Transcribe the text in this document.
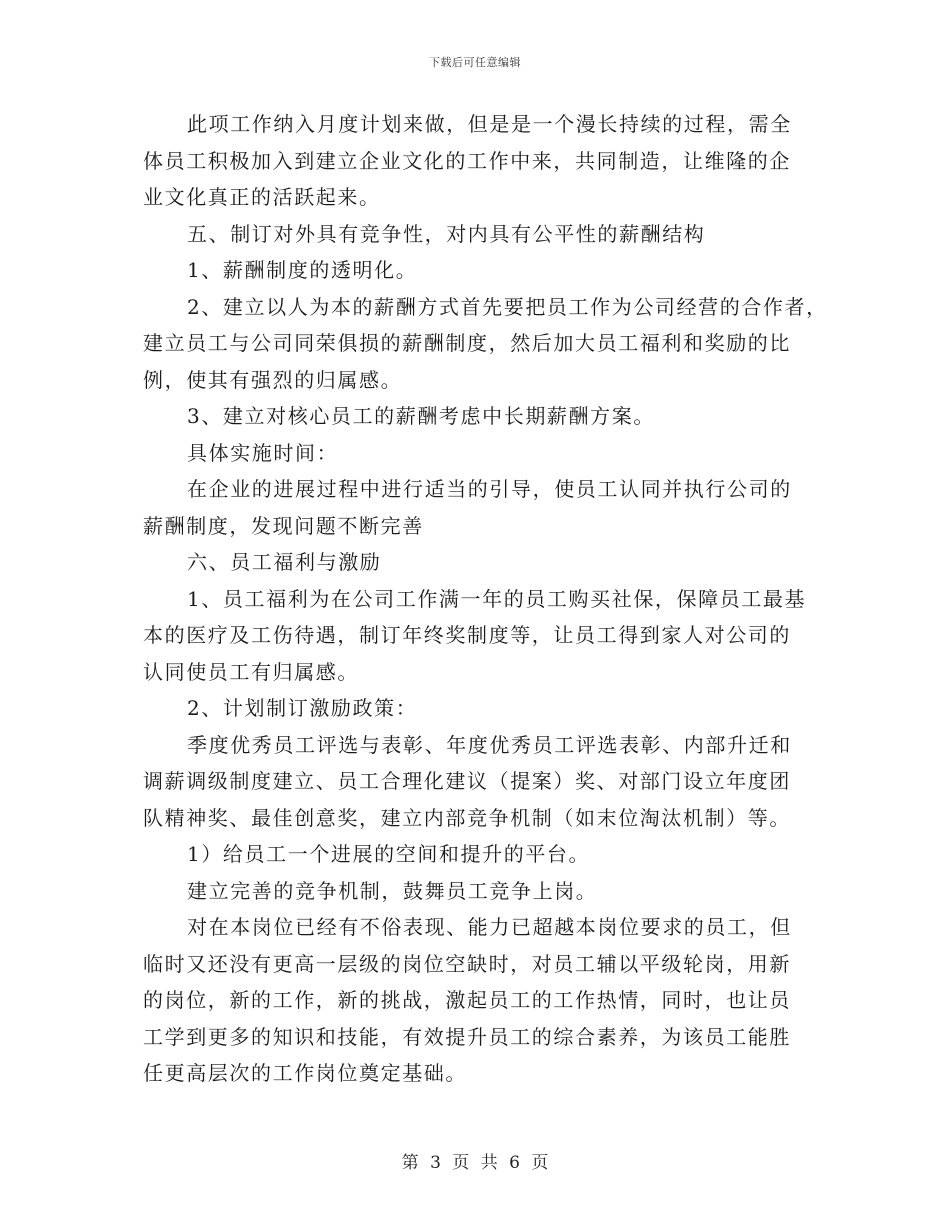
下载后可任意编辑
此项工作纳入月度计划来做，但是是一个漫长持续的过程，需全
体员工积极加入到建立企业文化的工作中来，共同制造，让维隆的企
业文化真正的活跃起来。
五、制订对外具有竞争性，对内具有公平性的薪酬结构
1、薪酬制度的透明化。
2、建立以人为本的薪酬方式首先要把员工作为公司经营的合作者，
建立员工与公司同荣俱损的薪酬制度，然后加大员工福利和奖励的比
例，使其有强烈的归属感。
3、建立对核心员工的薪酬考虑中长期薪酬方案。
具体实施时间：
在企业的进展过程中进行适当的引导，使员工认同并执行公司的
薪酬制度，发现问题不断完善
六、员工福利与激励
1、员工福利为在公司工作满一年的员工购买社保，保障员工最基
本的医疗及工伤待遇，制订年终奖制度等，让员工得到家人对公司的
认同使员工有归属感。
2、计划制订激励政策：
季度优秀员工评选与表彰、年度优秀员工评选表彰、内部升迁和
调薪调级制度建立、员工合理化建议（提案）奖、对部门设立年度团
队精神奖、最佳创意奖，建立内部竞争机制（如末位淘汰机制）等。
1）给员工一个进展的空间和提升的平台。
建立完善的竞争机制，鼓舞员工竞争上岗。
对在本岗位已经有不俗表现、能力已超越本岗位要求的员工，但
临时又还没有更高一层级的岗位空缺时，对员工辅以平级轮岗，用新
的岗位，新的工作，新的挑战，激起员工的工作热情，同时，也让员
工学到更多的知识和技能，有效提升员工的综合素养，为该员工能胜
任更高层次的工作岗位奠定基础。
第 3 页 共 6 页
